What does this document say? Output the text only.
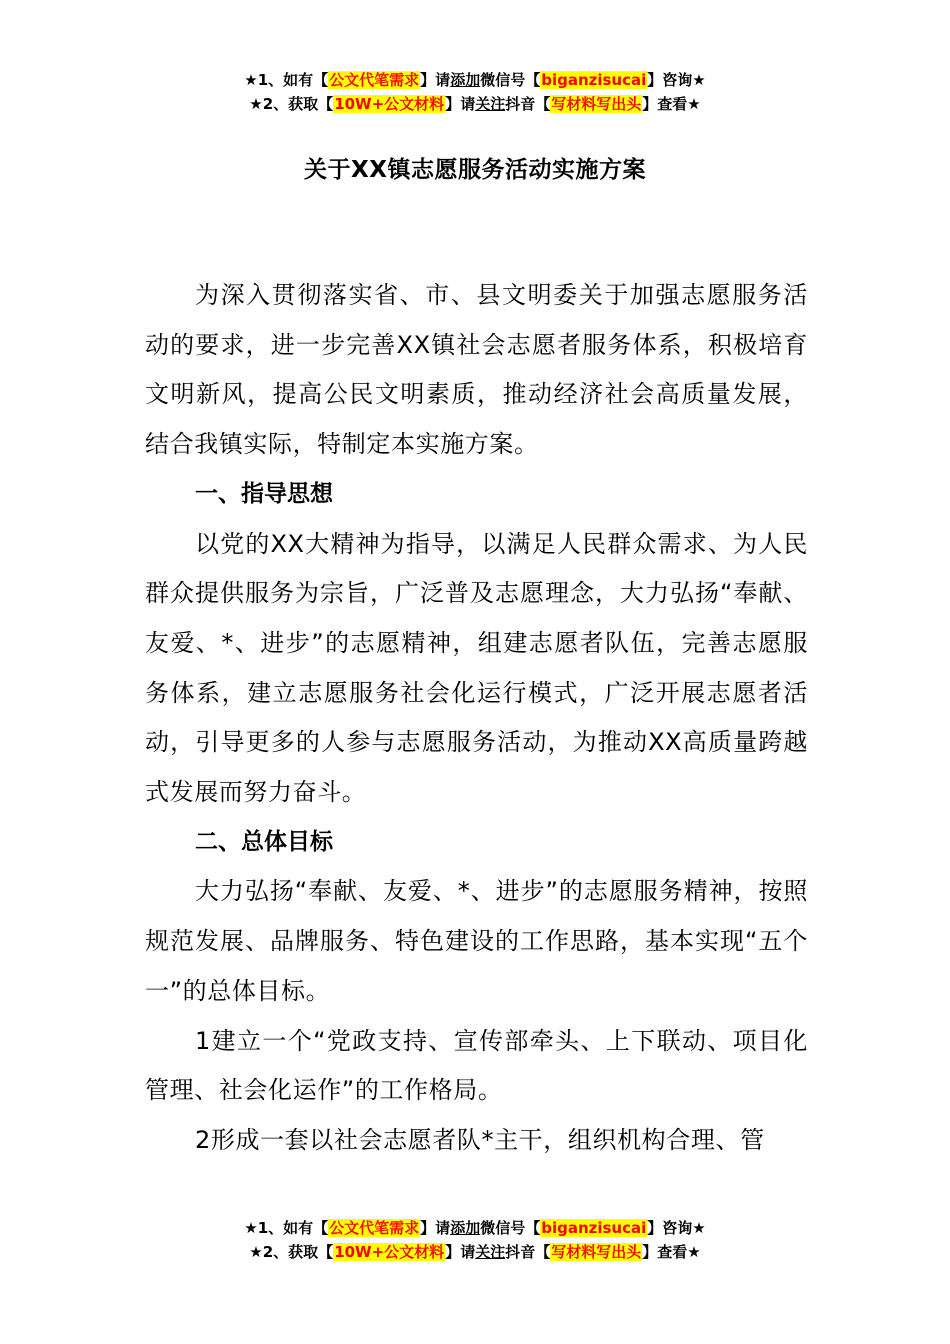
★1、如有【公文代笔需求】请添加微信号【biganzisucai】咨询★
★2、获取【10W+公文材料】请关注抖音【写材料写出头】查看★
关于XX镇志愿服务活动实施方案

为深入贯彻落实省、市、县文明委关于加强志愿服务活动的要求，进一步完善XX镇社会志愿者服务体系，积极培育文明新风，提高公民文明素质，推动经济社会高质量发展，结合我镇实际，特制定本实施方案。

一、指导思想

以党的XX大精神为指导，以满足人民群众需求、为人民群众提供服务为宗旨，广泛普及志愿理念，大力弘扬“奉献、友爱、*、进步”的志愿精神，组建志愿者队伍，完善志愿服务体系，建立志愿服务社会化运行模式，广泛开展志愿者活动，引导更多的人参与志愿服务活动，为推动XX高质量跨越式发展而努力奋斗。

二、总体目标

大力弘扬“奉献、友爱、*、进步”的志愿服务精神，按照规范发展、品牌服务、特色建设的工作思路，基本实现“五个一”的总体目标。

1建立一个“党政支持、宣传部牵头、上下联动、项目化管理、社会化运作”的工作格局。

2形成一套以社会志愿者队*主干，组织机构合理、管

★1、如有【公文代笔需求】请添加微信号【biganzisucai】咨询★
★2、获取【10W+公文材料】请关注抖音【写材料写出头】查看★
